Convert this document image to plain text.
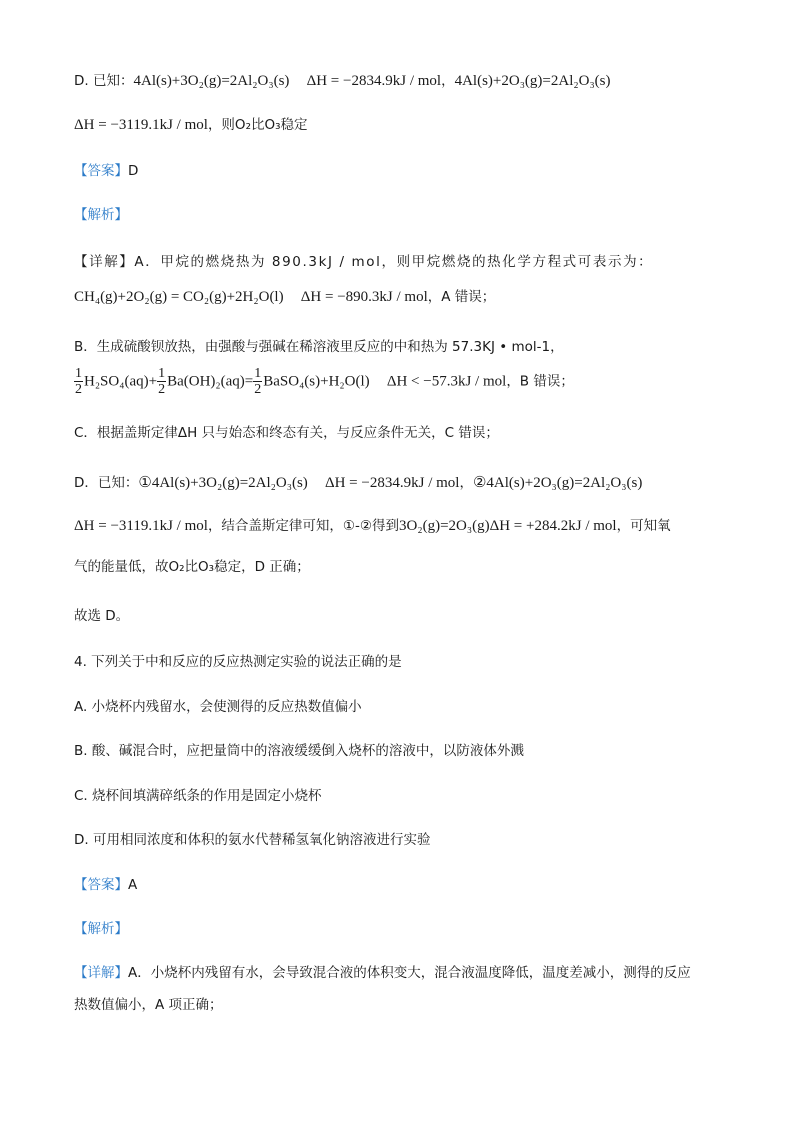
D. 已知：4Al(s)+3O₂(g)=2Al₂O₃(s) ΔH = −2834.9kJ / mol，4Al(s)+2O₃(g)=2Al₂O₃(s)
ΔH = −3119.1kJ / mol，则O₂比O₃稳定
【答案】D
【解析】
【详解】A．甲烷的燃烧热为 890.3kJ / mol，则甲烷燃烧的热化学方程式可表示为：
CH₄(g)+2O₂(g) = CO₂(g)+2H₂O(l) ΔH = −890.3kJ / mol，A 错误；
B．生成硫酸钡放热，由强酸与强碱在稀溶液里反应的中和热为 57.3KJ • mol-1，
$\frac{1}{2} H_2SO_4(aq)+ \frac{1}{2} Ba(OH)_2(aq)= \frac{1}{2}$ BaSO₄(s)+H₂O(l) ΔH < −57.3kJ / mol，B 错误；
C．根据盖斯定律ΔH 只与始态和终态有关，与反应条件无关，C 错误；
D．已知：①4Al(s)+3O₂(g)=2Al₂O₃(s) ΔH = −2834.9kJ / mol，②4Al(s)+2O₃(g)=2Al₂O₃(s)
ΔH = −3119.1kJ / mol，结合盖斯定律可知，①-②得到3O₂(g)=2O₃(g)ΔH = +284.2kJ / mol，可知氧
气的能量低，故O₂比O₃稳定，D 正确；
故选 D。
4. 下列关于中和反应的反应热测定实验的说法正确的是
A. 小烧杯内残留水，会使测得的反应热数值偏小
B. 酸、碱混合时，应把量筒中的溶液缓缓倒入烧杯的溶液中，以防液体外溅
C. 烧杯间填满碎纸条的作用是固定小烧杯
D. 可用相同浓度和体积的氨水代替稀氢氧化钠溶液进行实验
【答案】A
【解析】
【详解】A．小烧杯内残留有水，会导致混合液的体积变大，混合液温度降低，温度差减小，测得的反应
热数值偏小，A 项正确；
